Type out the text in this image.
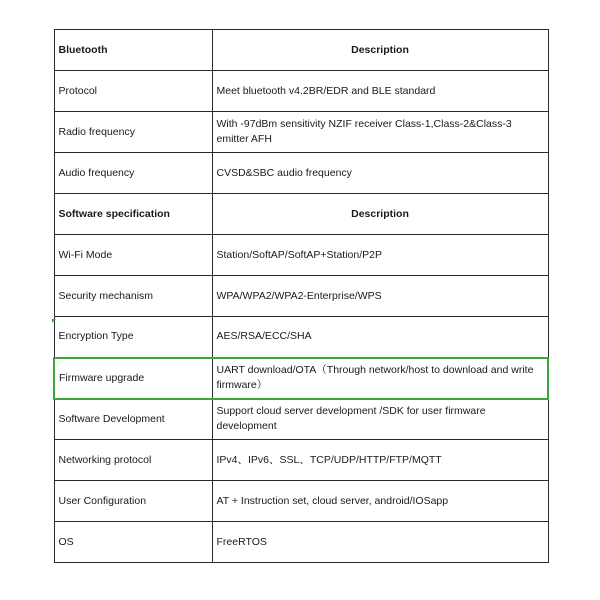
Bluetooth	Description
Protocol	Meet bluetooth v4.2BR/EDR and BLE standard
Radio frequency	With -97dBm sensitivity NZIF receiver Class-1,Class-2&Class-3 emitter AFH
Audio frequency	CVSD&SBC audio frequency
Software specification	Description
Wi-Fi Mode	Station/SoftAP/SoftAP+Station/P2P
Security mechanism	WPA/WPA2/WPA2-Enterprise/WPS
Encryption Type	AES/RSA/ECC/SHA
Firmware upgrade	UART download/OTA（Through network/host to download and write firmware）
Software Development	Support cloud server development /SDK for user firmware development
Networking protocol	IPv4、IPv6、SSL、TCP/UDP/HTTP/FTP/MQTT
User Configuration	AT + Instruction set, cloud server, android/IOSapp
OS	FreeRTOS
